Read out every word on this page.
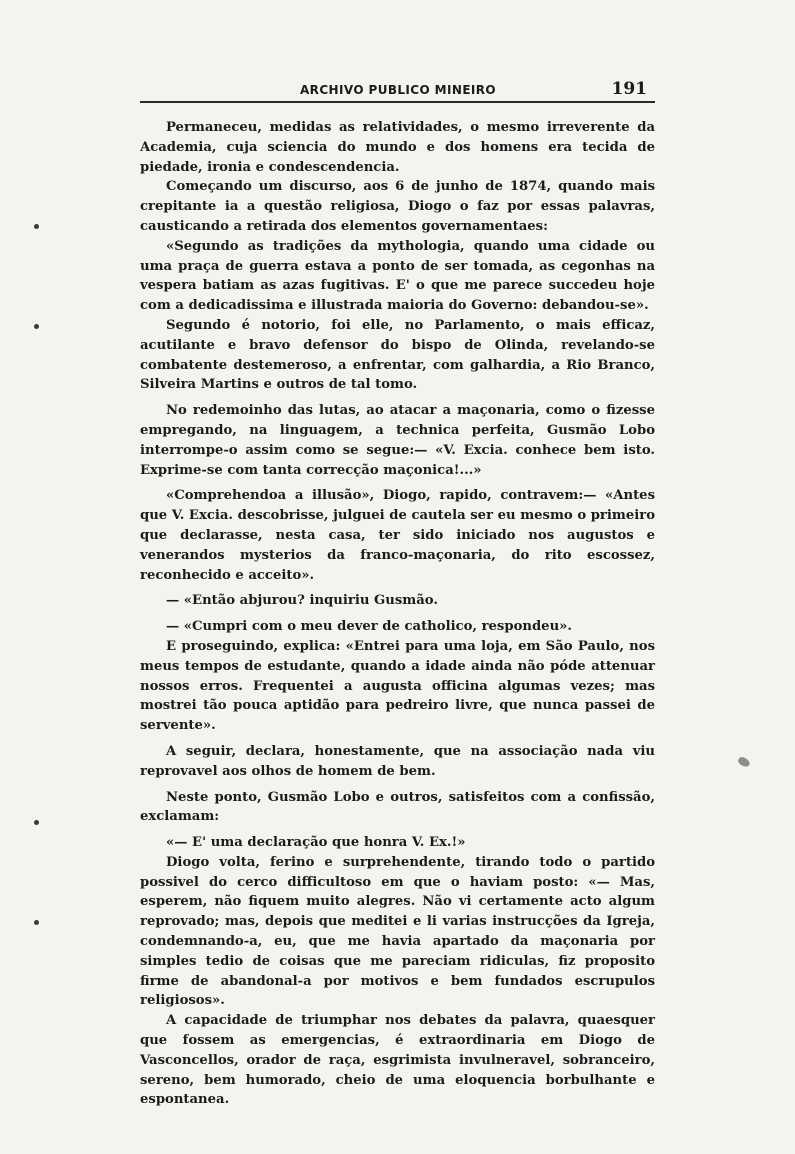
ARCHIVO PUBLICO MINEIRO	191

Permaneceu, medidas as relatividades, o mesmo irreverente da Academia, cuja sciencia do mundo e dos homens era tecida de piedade, ironia e condescendencia.

Começando um discurso, aos 6 de junho de 1874, quando mais crepitante ia a questão religiosa, Diogo o faz por essas palavras, causticando a retirada dos elementos governamentaes:

«Segundo as tradições da mythologia, quando uma cidade ou uma praça de guerra estava a ponto de ser tomada, as cegonhas na vespera batiam as azas fugitivas. E' o que me parece succedeu hoje com a dedicadissima e illustrada maioria do Governo: debandou-se».

Segundo é notorio, foi elle, no Parlamento, o mais efficaz, acutilante e bravo defensor do bispo de Olinda, revelando-se combatente destemeroso, a enfrentar, com galhardia, a Rio Branco, Silveira Martins e outros de tal tomo.

No redemoinho das lutas, ao atacar a maçonaria, como o fizesse empregando, na linguagem, a technica perfeita, Gusmão Lobo interrompe-o assim como se segue:— «V. Excia. conhece bem isto. Exprime-se com tanta correcção maçonica!...»

«Comprehendoa a illusão», Diogo, rapido, contravem:— «Antes que V. Excia. descobrisse, julguei de cautela ser eu mesmo o primeiro que declarasse, nesta casa, ter sido iniciado nos augustos e venerandos mysterios da franco-maçonaria, do rito escossez, reconhecido e acceito».

— «Então abjurou? inquiriu Gusmão.

— «Cumpri com o meu dever de catholico, respondeu».

E proseguindo, explica: «Entrei para uma loja, em São Paulo, nos meus tempos de estudante, quando a idade ainda não póde attenuar nossos erros. Frequentei a augusta officina algumas vezes; mas mostrei tão pouca aptidão para pedreiro livre, que nunca passei de servente».

A seguir, declara, honestamente, que na associação nada viu reprovavel aos olhos de homem de bem.

Neste ponto, Gusmão Lobo e outros, satisfeitos com a confissão, exclamam:

«— E' uma declaração que honra V. Ex.!»

Diogo volta, ferino e surprehendente, tirando todo o partido possivel do cerco difficultoso em que o haviam posto: «— Mas, esperem, não fiquem muito alegres. Não vi certamente acto algum reprovado; mas, depois que meditei e li varias instrucções da Igreja, condemnando-a, eu, que me havia apartado da maçonaria por simples tedio de coisas que me pareciam ridiculas, fiz proposito firme de abandonal-a por motivos e bem fundados escrupulos religiosos».

A capacidade de triumphar nos debates da palavra, quaesquer que fossem as emergencias, é extraordinaria em Diogo de Vasconcellos, orador de raça, esgrimista invulneravel, sobranceiro, sereno, bem humorado, cheio de uma eloquencia borbulhante e espontanea.
